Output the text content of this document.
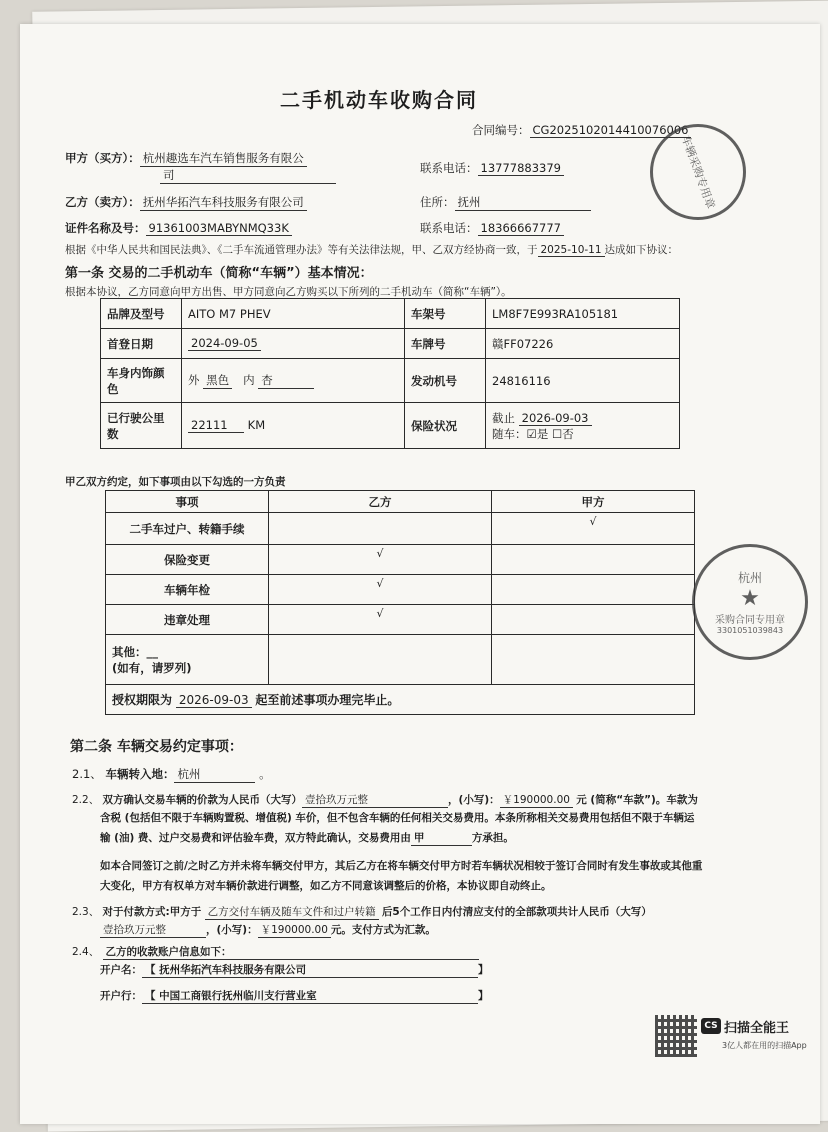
二手机动车收购合同
合同编号： CG2025102014410076006
甲方（买方）： 杭州趣选车汽车销售服务有限公
司	联系电话： 13777883379
乙方（卖方）： 抚州华拓汽车科技服务有限公司	住所： 抚州
证件名称及号： 91361003MABYNMQ33K	联系电话： 18366667777
根据《中华人民共和国民法典》、《二手车流通管理办法》等有关法律法规，甲、乙双方经协商一致，于 2025-10-11 达成如下协议：
第一条 交易的二手机动车（简称“车辆”）基本情况：
根据本协议，乙方同意向甲方出售、甲方同意向乙方购买以下所列的二手机动车（简称“车辆”）。
品牌及型号	AITO M7 PHEV	车架号	LM8F7E993RA105181
首登日期	2024-09-05	车牌号	赣FF07226
车身内饰颜色	外 黑色 内 杏	发动机号	24816116
已行驶公里数	22111 KM	保险状况	截止 2026-09-03
随车：☑是 ☐否
甲乙双方约定，如下事项由以下勾选的一方负责
事项	乙方	甲方
二手车过户、转籍手续		√
保险变更	√	
车辆年检	√	
违章处理	√	

其他：__
(如有，请罗列)		

授权期限为 2026-09-03 起至前述事项办理完毕止。		
第二条 车辆交易约定事项：
2.1、 车辆转入地： 杭州	。
2.2、 双方确认交易车辆的价款为人民币（大写） 壹拾玖万元整	，(小写)： ￥190000.00 元 (简称“车款”)。车款为
含税 (包括但不限于车辆购置税、增值税) 车价，但不包含车辆的任何相关交易费用。本条所称相关交易费用包括但不限于车辆运
输 (油) 费、过户交易费和评估验车费，双方特此确认，交易费用由 甲	方承担。
如本合同签订之前/之时乙方并未将车辆交付甲方，其后乙方在将车辆交付甲方时若车辆状况相较于签订合同时有发生事故或其他重
大变化，甲方有权单方对车辆价款进行调整，如乙方不同意该调整后的价格，本协议即自动终止。
2.3、 对于付款方式:甲方于 乙方交付车辆及随车文件和过户转籍 后5个工作日内付清应支付的全部款项共计人民币（大写）
壹拾玖万元整	，(小写)： ￥190000.00 元。支付方式为汇款。
2.4、 乙方的收款账户信息如下：
开户名： 【 抚州华拓汽车科技服务有限公司	】
开户行： 【 中国工商银行抚州临川支行营业室	】
车辆采购专用章
杭州
★
采购合同专用章
3301051039843
CS 扫描全能王
3亿人都在用的扫描App
